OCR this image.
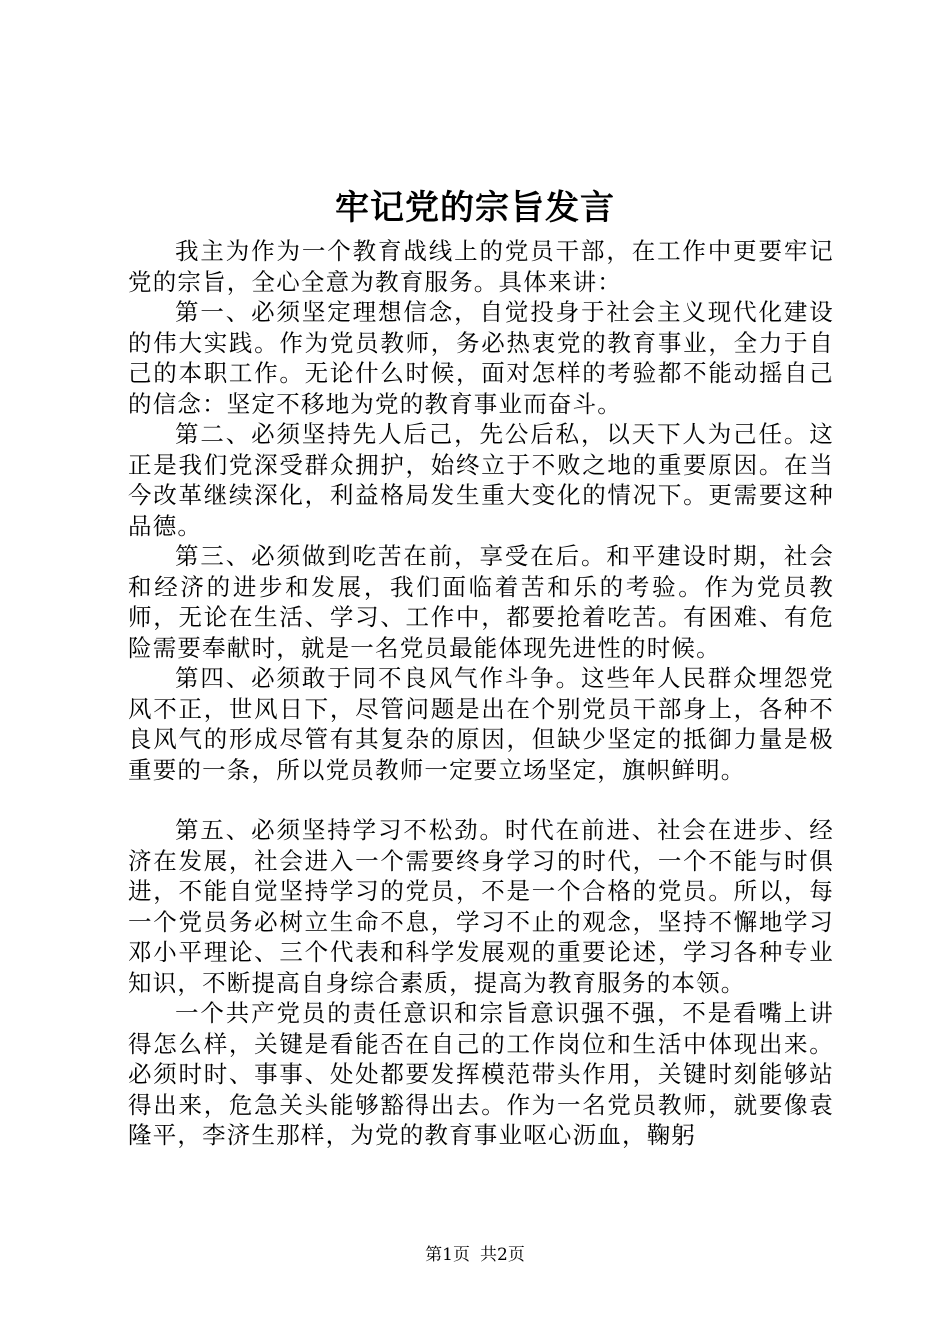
牢记党的宗旨发言

我主为作为一个教育战线上的党员干部，在工作中更要牢记党的宗旨，全心全意为教育服务。具体来讲：

第一、必须坚定理想信念，自觉投身于社会主义现代化建设的伟大实践。作为党员教师，务必热衷党的教育事业，全力于自己的本职工作。无论什么时候，面对怎样的考验都不能动摇自己的信念：坚定不移地为党的教育事业而奋斗。

第二、必须坚持先人后己，先公后私，以天下人为己任。这正是我们党深受群众拥护，始终立于不败之地的重要原因。在当今改革继续深化，利益格局发生重大变化的情况下。更需要这种品德。

第三、必须做到吃苦在前，享受在后。和平建设时期，社会和经济的进步和发展，我们面临着苦和乐的考验。作为党员教师，无论在生活、学习、工作中，都要抢着吃苦。有困难、有危险需要奉献时，就是一名党员最能体现先进性的时候。

第四、必须敢于同不良风气作斗争。这些年人民群众埋怨党风不正，世风日下，尽管问题是出在个别党员干部身上，各种不良风气的形成尽管有其复杂的原因，但缺少坚定的抵御力量是极重要的一条，所以党员教师一定要立场坚定，旗帜鲜明。

第五、必须坚持学习不松劲。时代在前进、社会在进步、经济在发展，社会进入一个需要终身学习的时代，一个不能与时俱进，不能自觉坚持学习的党员，不是一个合格的党员。所以，每一个党员务必树立生命不息，学习不止的观念，坚持不懈地学习邓小平理论、三个代表和科学发展观的重要论述，学习各种专业知识，不断提高自身综合素质，提高为教育服务的本领。

一个共产党员的责任意识和宗旨意识强不强，不是看嘴上讲得怎么样，关键是看能否在自己的工作岗位和生活中体现出来。必须时时、事事、处处都要发挥模范带头作用，关键时刻能够站得出来，危急关头能够豁得出去。作为一名党员教师，就要像袁隆平，李济生那样，为党的教育事业呕心沥血，鞠躬

第1页 共2页
